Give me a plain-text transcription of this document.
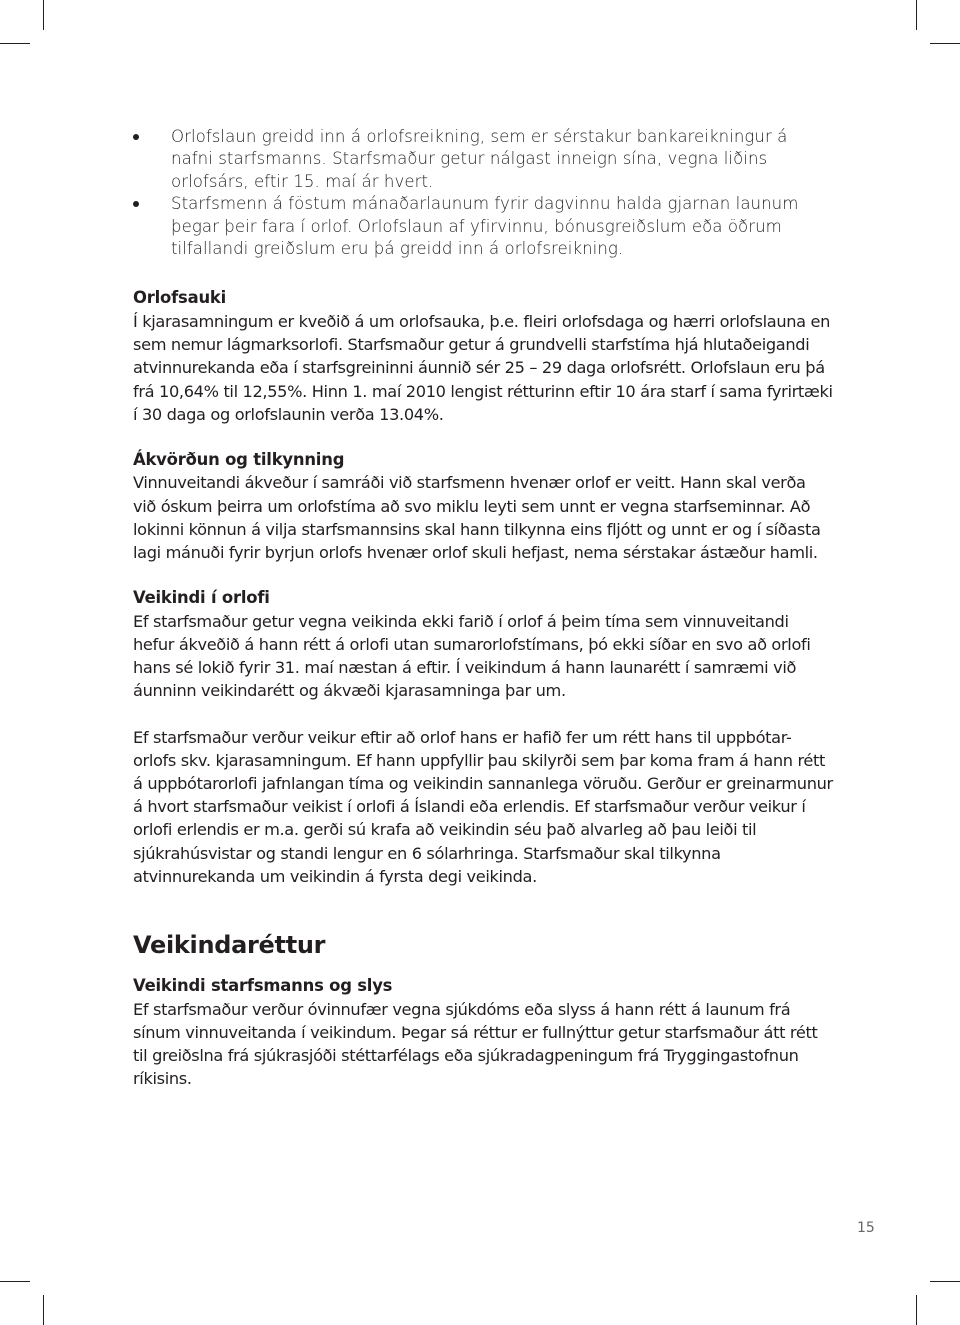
Orlofslaun greidd inn á orlofsreikning, sem er sérstakur bankareikningur á nafni starfsmanns. Starfsmaður getur nálgast inneign sína, vegna liðins orlofsárs, eftir 15. maí ár hvert.
Starfsmenn á föstum mánaðarlaunum fyrir dagvinnu halda gjarnan launum þegar þeir fara í orlof. Orlofslaun af yfirvinnu, bónusgreiðslum eða öðrum tilfallandi greiðslum eru þá greidd inn á orlofsreikning.
Orlofsauki
Í kjarasamningum er kveðið á um orlofsauka, þ.e. fleiri orlofsdaga og hærri orlofslauna en sem nemur lágmarksorlofi. Starfsmaður getur á grundvelli starfstíma hjá hlutaðeigandi atvinnurekanda eða í starfsgreininni áunnið sér 25 – 29 daga orlofsrétt. Orlofslaun eru þá frá 10,64% til 12,55%. Hinn 1. maí 2010 lengist rétturinn eftir 10 ára starf í sama fyrirtæki í 30 daga og orlofslaunin verða 13.04%.
Ákvörðun og tilkynning
Vinnuveitandi ákveður í samráði við starfsmenn hvenær orlof er veitt. Hann skal verða við óskum þeirra um orlofstíma að svo miklu leyti sem unnt er vegna starfseminnar. Að lokinni könnun á vilja starfsmannsins skal hann tilkynna eins fljótt og unnt er og í síðasta lagi mánuði fyrir byrjun orlofs hvenær orlof skuli hefjast, nema sérstakar ástæður hamli.
Veikindi í orlofi
Ef starfsmaður getur vegna veikinda ekki farið í orlof á þeim tíma sem vinnuveitandi hefur ákveðið á hann rétt á orlofi utan sumarorlofstímans, þó ekki síðar en svo að orlofi hans sé lokið fyrir 31. maí næstan á eftir. Í veikindum á hann launarétt í samræmi við áunninn veikindarétt og ákvæði kjarasamninga þar um.
Ef starfsmaður verður veikur eftir að orlof hans er hafið fer um rétt hans til uppbótar-orlofs skv. kjarasamningum. Ef hann uppfyllir þau skilyrði sem þar koma fram á hann rétt á uppbótarorlofi jafnlangan tíma og veikindin sannanlega vöruðu. Gerður er greinarmunur á hvort starfsmaður veikist í orlofi á Íslandi eða erlendis. Ef starfsmaður verður veikur í orlofi erlendis er m.a. gerði sú krafa að veikindin séu það alvarleg að þau leiði til sjúkrahúsvistar og standi lengur en 6 sólarhringa. Starfsmaður skal tilkynna atvinnurekanda um veikindin á fyrsta degi veikinda.
Veikindaréttur
Veikindi starfsmanns og slys
Ef starfsmaður verður óvinnufær vegna sjúkdóms eða slyss á hann rétt á launum frá sínum vinnuveitanda í veikindum. Þegar sá réttur er fullnýttur getur starfsmaður átt rétt til greiðslna frá sjúkrasjóði stéttarfélags eða sjúkradagpeningum frá Tryggingastofnun ríkisins.
15
